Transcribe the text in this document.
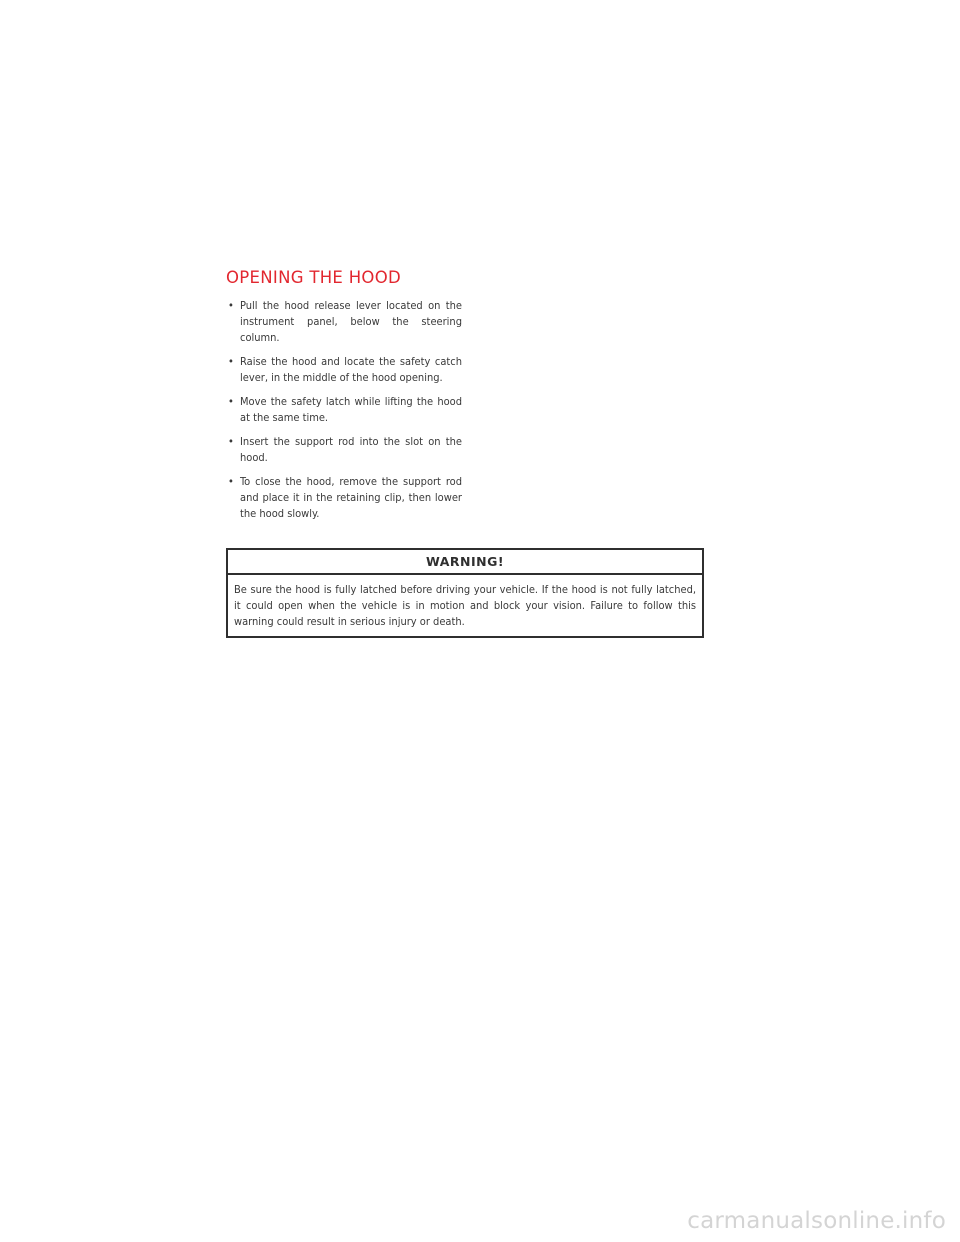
OPENING THE HOOD
• Pull the hood release lever located on the instrument panel, below the steering column.
• Raise the hood and locate the safety catch lever, in the middle of the hood opening.
• Move the safety latch while lifting the hood at the same time.
• Insert the support rod into the slot on the hood.
• To close the hood, remove the support rod and place it in the retaining clip, then lower the hood slowly.
WARNING!
Be sure the hood is fully latched before driving your vehicle. If the hood is not fully latched, it could open when the vehicle is in motion and block your vision. Failure to follow this warning could result in serious injury or death.
carmanualsonline.info
